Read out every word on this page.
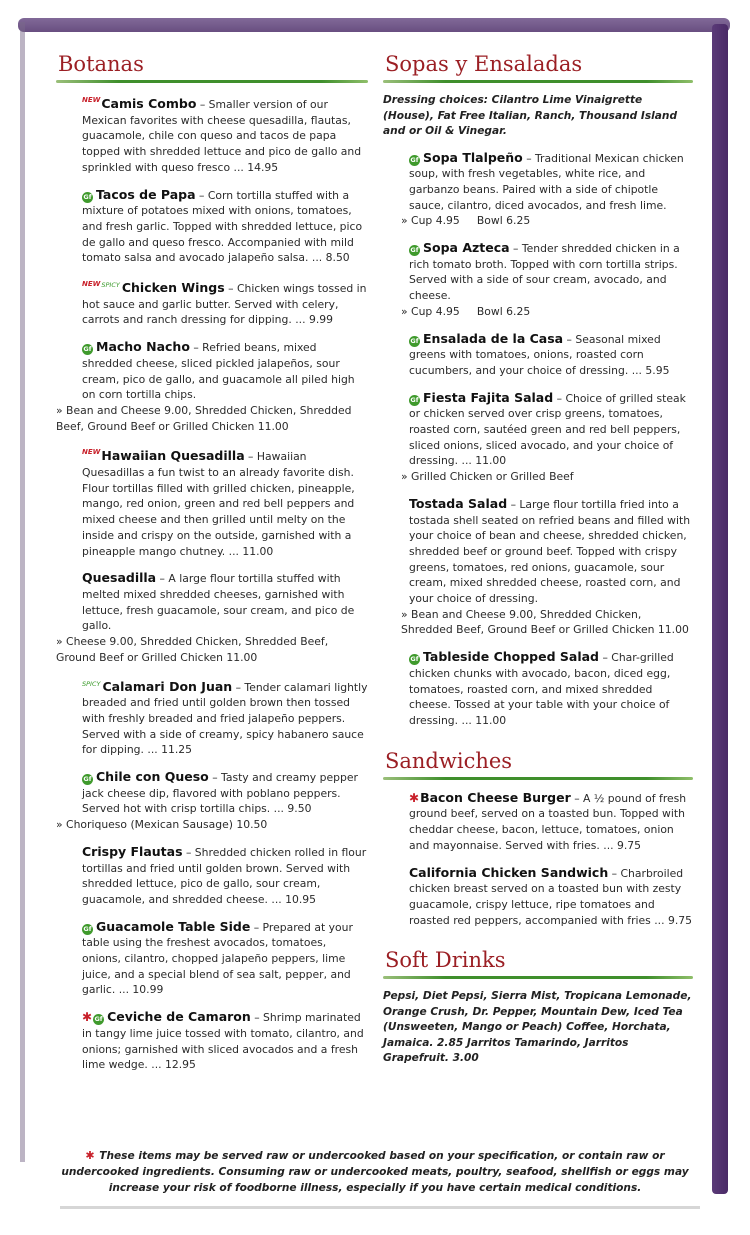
Botanas
$^{NEW}$Camis Combo – Smaller version of our Mexican favorites with cheese quesadilla, flautas, guacamole, chile con queso and tacos de papa topped with shredded lettuce and pico de gallo and sprinkled with queso fresco ... 14.95
Gf Tacos de Papa – Corn tortilla stuffed with a mixture of potatoes mixed with onions, tomatoes, and fresh garlic. Topped with shredded lettuce, pico de gallo and queso fresco. Accompanied with mild tomato salsa and avocado jalapeño salsa. ... 8.50
$^{NEWSPICY}$ Chicken Wings – Chicken wings tossed in hot sauce and garlic butter. Served with celery, carrots and ranch dressing for dipping. ... 9.99
Gf Macho Nacho – Refried beans, mixed shredded cheese, sliced pickled jalapeños, sour cream, pico de gallo, and guacamole all piled high on corn tortilla chips.
» Bean and Cheese 9.00, Shredded Chicken, Shredded Beef, Ground Beef or Grilled Chicken 11.00
$^{NEW}$Hawaiian Quesadilla – Hawaiian Quesadillas a fun twist to an already favorite dish. Flour tortillas filled with grilled chicken, pineapple, mango, red onion, green and red bell peppers and mixed cheese and then grilled until melty on the inside and crispy on the outside, garnished with a pineapple mango chutney. ... 11.00
Quesadilla – A large flour tortilla stuffed with melted mixed shredded cheeses, garnished with lettuce, fresh guacamole, sour cream, and pico de gallo.
» Cheese 9.00, Shredded Chicken, Shredded Beef, Ground Beef or Grilled Chicken 11.00
$^{SPICY}$ Calamari Don Juan – Tender calamari lightly breaded and fried until golden brown then tossed with freshly breaded and fried jalapeño peppers. Served with a side of creamy, spicy habanero sauce for dipping. ... 11.25
Gf Chile con Queso – Tasty and creamy pepper jack cheese dip, flavored with poblano peppers. Served hot with crisp tortilla chips. ... 9.50
» Choriqueso (Mexican Sausage) 10.50
Crispy Flautas – Shredded chicken rolled in flour tortillas and fried until golden brown. Served with shredded lettuce, pico de gallo, sour cream, guacamole, and shredded cheese. ... 10.95
Gf Guacamole Table Side – Prepared at your table using the freshest avocados, tomatoes, onions, cilantro, chopped jalapeño peppers, lime juice, and a special blend of sea salt, pepper, and garlic. ... 10.99
✱ Gf Ceviche de Camaron – Shrimp marinated in tangy lime juice tossed with tomato, cilantro, and onions; garnished with sliced avocados and a fresh lime wedge. ... 12.95
Sopas y Ensaladas

Dressing choices: Cilantro Lime Vinaigrette (House), Fat Free Italian, Ranch, Thousand Island and or Oil & Vinegar.

Gf Sopa Tlalpeño – Traditional Mexican chicken soup, with fresh vegetables, white rice, and garbanzo beans. Paired with a side of chipotle sauce, cilantro, diced avocados, and fresh lime.
» Cup 4.95     Bowl 6.25
Gf Sopa Azteca – Tender shredded chicken in a rich tomato broth. Topped with corn tortilla strips. Served with a side of sour cream, avocado, and cheese.
» Cup 4.95     Bowl 6.25
Gf Ensalada de la Casa – Seasonal mixed greens with tomatoes, onions, roasted corn cucumbers, and your choice of dressing. ... 5.95
Gf Fiesta Fajita Salad – Choice of grilled steak or chicken served over crisp greens, tomatoes, roasted corn, sautéed green and red bell peppers, sliced onions, sliced avocado, and your choice of dressing. ... 11.00
» Grilled Chicken or Grilled Beef
Tostada Salad – Large flour tortilla fried into a tostada shell seated on refried beans and filled with your choice of bean and cheese, shredded chicken, shredded beef or ground beef. Topped with crispy greens, tomatoes, red onions, guacamole, sour cream, mixed shredded cheese, roasted corn, and your choice of dressing.
» Bean and Cheese 9.00, Shredded Chicken, Shredded Beef, Ground Beef or Grilled Chicken 11.00
Gf Tableside Chopped Salad – Char-grilled chicken chunks with avocado, bacon, diced egg, tomatoes, roasted corn, and mixed shredded cheese. Tossed at your table with your choice of dressing. ... 11.00
Sandwiches
✱Bacon Cheese Burger – A ½ pound of fresh ground beef, served on a toasted bun. Topped with cheddar cheese, bacon, lettuce, tomatoes, onion and mayonnaise. Served with fries. ... 9.75
California Chicken Sandwich – Charbroiled chicken breast served on a toasted bun with zesty guacamole, crispy lettuce, ripe tomatoes and roasted red peppers, accompanied with fries ... 9.75
Soft Drinks

Pepsi, Diet Pepsi, Sierra Mist, Tropicana Lemonade, Orange Crush, Dr. Pepper, Mountain Dew, Iced Tea (Unsweeten, Mango or Peach) Coffee, Horchata, Jamaica. 2.85 Jarritos Tamarindo, Jarritos Grapefruit. 3.00

✱ These items may be served raw or undercooked based on your specification, or contain raw or undercooked ingredients. Consuming raw or undercooked meats, poultry, seafood, shellfish or eggs may increase your risk of foodborne illness, especially if you have certain medical conditions.
